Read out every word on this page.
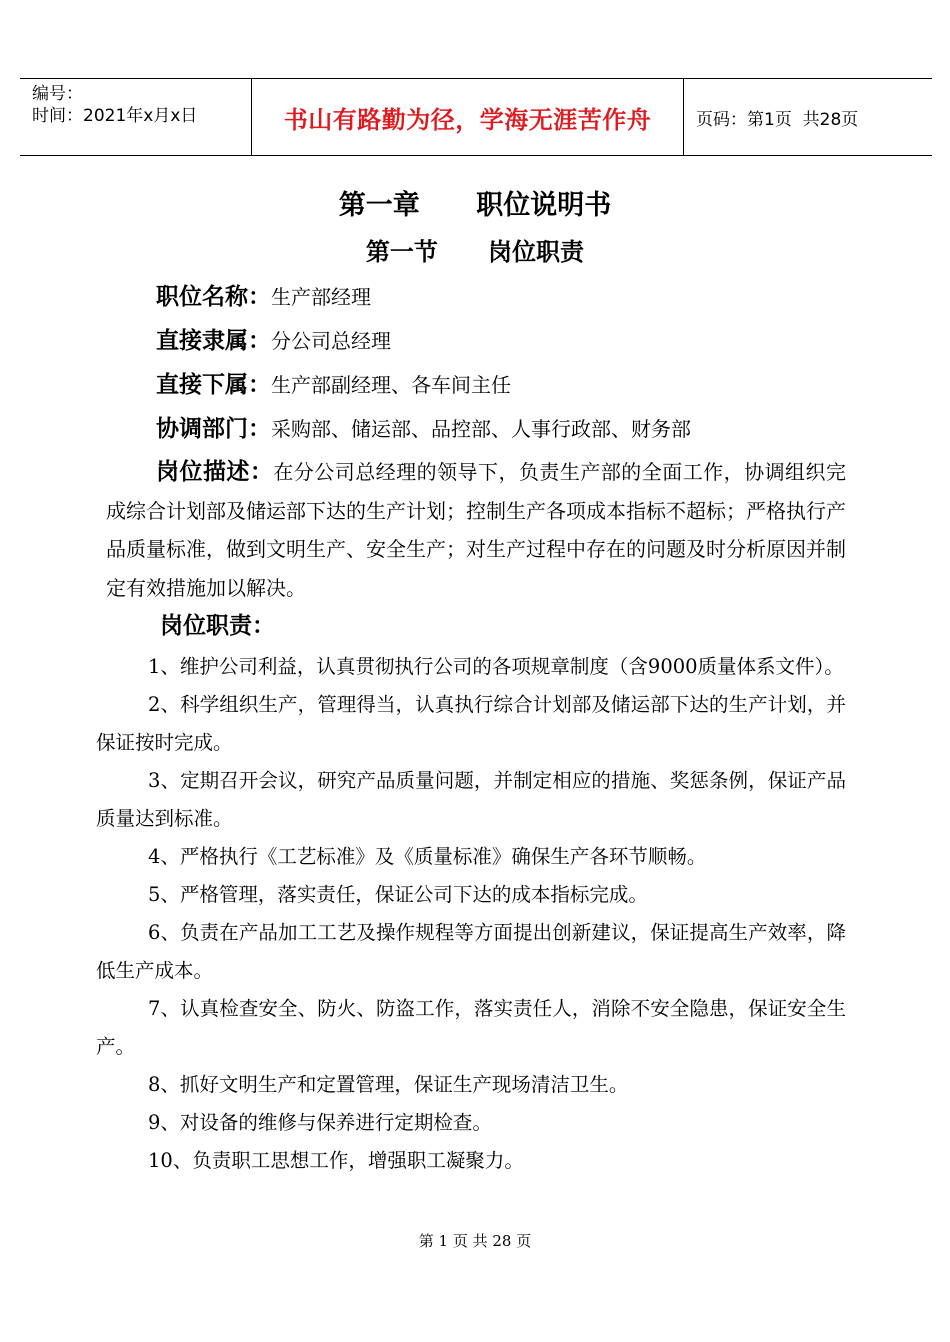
编号：
时间：2021年x月x日	书山有路勤为径，学海无涯苦作舟	页码：第1页  共28页
第一章      职位说明书
第一节      岗位职责
职位名称：生产部经理
直接隶属：分公司总经理
直接下属：生产部副经理、各车间主任
协调部门：采购部、储运部、品控部、人事行政部、财务部
岗位描述：在分公司总经理的领导下，负责生产部的全面工作，协调组织完成综合计划部及储运部下达的生产计划；控制生产各项成本指标不超标；严格执行产品质量标准，做到文明生产、安全生产；对生产过程中存在的问题及时分析原因并制定有效措施加以解决。
岗位职责：

1、维护公司利益，认真贯彻执行公司的各项规章制度（含9000质量体系文件）。

2、科学组织生产，管理得当，认真执行综合计划部及储运部下达的生产计划，并保证按时完成。

3、定期召开会议，研究产品质量问题，并制定相应的措施、奖惩条例，保证产品质量达到标准。

4、严格执行《工艺标准》及《质量标准》确保生产各环节顺畅。

5、严格管理，落实责任，保证公司下达的成本指标完成。

6、负责在产品加工工艺及操作规程等方面提出创新建议，保证提高生产效率，降低生产成本。

7、认真检查安全、防火、防盗工作，落实责任人，消除不安全隐患，保证安全生产。

8、抓好文明生产和定置管理，保证生产现场清洁卫生。

9、对设备的维修与保养进行定期检查。

10、负责职工思想工作，增强职工凝聚力。

第 1 页 共 28 页
